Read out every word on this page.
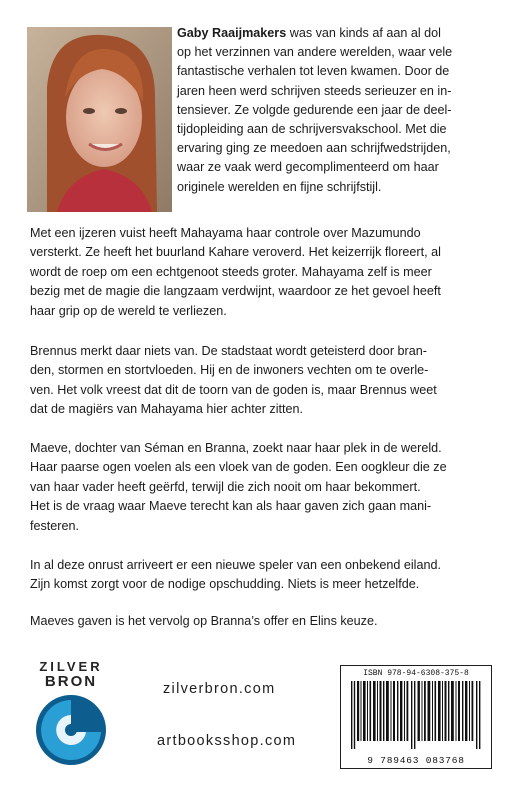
Gaby Raaijmakers was van kinds af aan al dol
op het verzinnen van andere werelden, waar vele
fantastische verhalen tot leven kwamen. Door de
jaren heen werd schrijven steeds serieuzer en in-
tensiever. Ze volgde gedurende een jaar de deel-
tijdopleiding aan de schrijversvakschool. Met die
ervaring ging ze meedoen aan schrijfwedstrijden,
waar ze vaak werd gecomplimenteerd om haar
originele werelden en fijne schrijfstijl.
Met een ijzeren vuist heeft Mahayama haar controle over Mazumundo
versterkt. Ze heeft het buurland Kahare veroverd. Het keizerrijk floreert, al
wordt de roep om een echtgenoot steeds groter. Mahayama zelf is meer
bezig met de magie die langzaam verdwijnt, waardoor ze het gevoel heeft
haar grip op de wereld te verliezen.
Brennus merkt daar niets van. De stadstaat wordt geteisterd door bran-
den, stormen en stortvloeden. Hij en de inwoners vechten om te overle-
ven. Het volk vreest dat dit de toorn van de goden is, maar Brennus weet
dat de magiërs van Mahayama hier achter zitten.
Maeve, dochter van Séman en Branna, zoekt naar haar plek in de wereld.
Haar paarse ogen voelen als een vloek van de goden. Een oogkleur die ze
van haar vader heeft geërfd, terwijl die zich nooit om haar bekommert.
Het is de vraag waar Maeve terecht kan als haar gaven zich gaan mani-
festeren.
In al deze onrust arriveert er een nieuwe speler van een onbekend eiland.
Zijn komst zorgt voor de nodige opschudding. Niets is meer hetzelfde.
Maeves gaven is het vervolg op Branna’s offer en Elins keuze.
ZILVER
BRON	zilverbron.com
artbooksshop.com
ISBN 978-94-6308-375-8
9 789463 083768
